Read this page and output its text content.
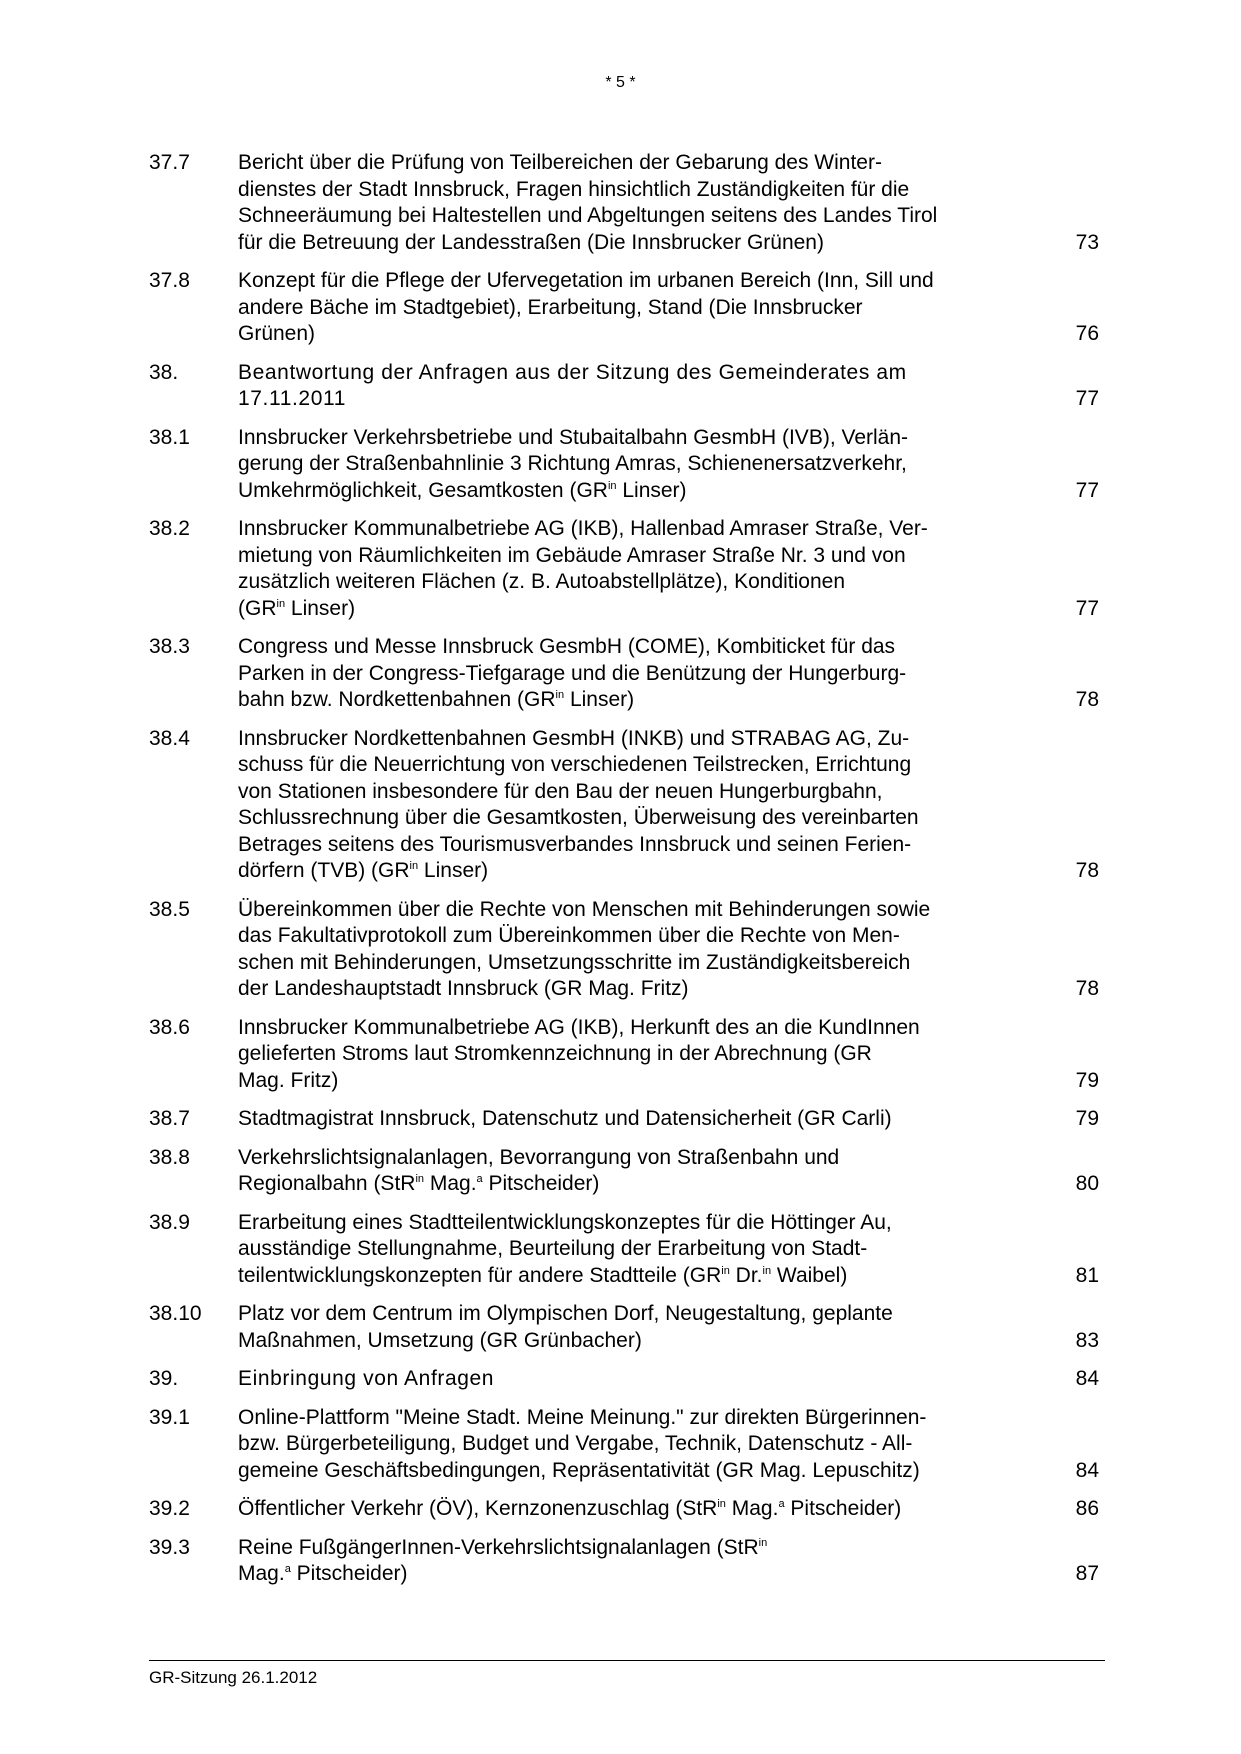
* 5 *
37.7	Bericht über die Prüfung von Teilbereichen der Gebarung des Winter-
dienstes der Stadt Innsbruck, Fragen hinsichtlich Zuständigkeiten für die
Schneeräumung bei Haltestellen und Abgeltungen seitens des Landes Tirol
für die Betreuung der Landesstraßen (Die Innsbrucker Grünen)	73
37.8	Konzept für die Pflege der Ufervegetation im urbanen Bereich (Inn, Sill und
andere Bäche im Stadtgebiet), Erarbeitung, Stand (Die Innsbrucker
Grünen)	76
38.	Beantwortung der Anfragen aus der Sitzung des Gemeinderates am
17.11.2011	77
38.1	Innsbrucker Verkehrsbetriebe und Stubaitalbahn GesmbH (IVB), Verlän-
gerung der Straßenbahnlinie 3 Richtung Amras, Schienenersatzverkehr,
Umkehrmöglichkeit, Gesamtkosten ($GR^{in}$ Linser)	77
38.2	Innsbrucker Kommunalbetriebe AG (IKB), Hallenbad Amraser Straße, Ver-
mietung von Räumlichkeiten im Gebäude Amraser Straße Nr. 3 und von
zusätzlich weiteren Flächen (z. B. Autoabstellplätze), Konditionen
($GR^{in}$ Linser)	77
38.3	Congress und Messe Innsbruck GesmbH (COME), Kombiticket für das
Parken in der Congress-Tiefgarage und die Benützung der Hungerburg-
bahn bzw. Nordkettenbahnen ($GR^{in}$ Linser)	78
38.4	Innsbrucker Nordkettenbahnen GesmbH (INKB) und STRABAG AG, Zu-
schuss für die Neuerrichtung von verschiedenen Teilstrecken, Errichtung
von Stationen insbesondere für den Bau der neuen Hungerburgbahn,
Schlussrechnung über die Gesamtkosten, Überweisung des vereinbarten
Betrages seitens des Tourismusverbandes Innsbruck und seinen Ferien-
dörfern (TVB) ($GR^{in}$ Linser)	78
38.5	Übereinkommen über die Rechte von Menschen mit Behinderungen sowie
das Fakultativprotokoll zum Übereinkommen über die Rechte von Men-
schen mit Behinderungen, Umsetzungsschritte im Zuständigkeitsbereich
der Landeshauptstadt Innsbruck (GR Mag. Fritz)	78
38.6	Innsbrucker Kommunalbetriebe AG (IKB), Herkunft des an die KundInnen
gelieferten Stroms laut Stromkennzeichnung in der Abrechnung (GR
Mag. Fritz)	79
38.7	Stadtmagistrat Innsbruck, Datenschutz und Datensicherheit (GR Carli)	79
38.8	Verkehrslichtsignalanlagen, Bevorrangung von Straßenbahn und
Regionalbahn (StR$^{in}$ Mag.$^a$ Pitscheider)	80
38.9	Erarbeitung eines Stadtteilentwicklungskonzeptes für die Höttinger Au,
ausständige Stellungnahme, Beurteilung der Erarbeitung von Stadt-
teilentwicklungskonzepten für andere Stadtteile ($GR^{in}$ Dr.$^{in}$ Waibel)	81
38.10	Platz vor dem Centrum im Olympischen Dorf, Neugestaltung, geplante
Maßnahmen, Umsetzung (GR Grünbacher)	83
39.	Einbringung von Anfragen	84
39.1	Online-Plattform "Meine Stadt. Meine Meinung." zur direkten Bürgerinnen-
bzw. Bürgerbeteiligung, Budget und Vergabe, Technik, Datenschutz - All-
gemeine Geschäftsbedingungen, Repräsentativität (GR Mag. Lepuschitz)	84
39.2	Öffentlicher Verkehr (ÖV), Kernzonenzuschlag (StR$^{in}$ Mag.$^a$ Pitscheider)	86
39.3	Reine FußgängerInnen-Verkehrslichtsignalanlagen (StR$^{in}$
Mag.$^a$ Pitscheider)	87
GR-Sitzung 26.1.2012
